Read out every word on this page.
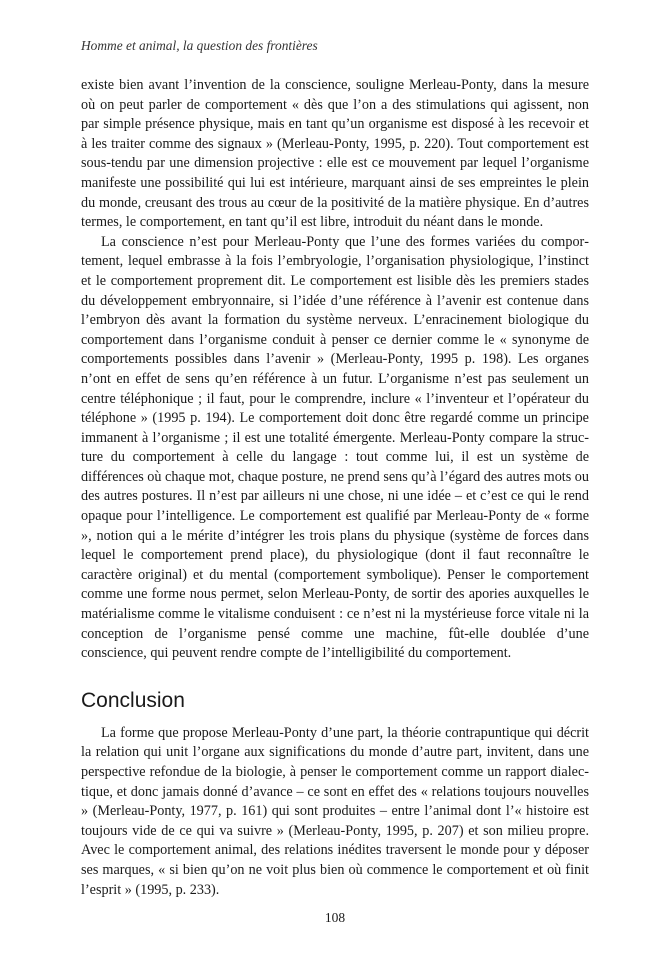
Homme et animal, la question des frontières

existe bien avant l’invention de la conscience, souligne Merleau-Ponty, dans la mesure où on peut parler de comportement « dès que l’on a des stimulations qui agissent, non par simple présence physique, mais en tant qu’un organisme est disposé à les recevoir et à les traiter comme des signaux » (Merleau-Ponty, 1995, p. 220). Tout comportement est sous-tendu par une dimension projective : elle est ce mouvement par lequel l’organisme manifeste une possibilité qui lui est intérieure, marquant ainsi de ses empreintes le plein du monde, creusant des trous au cœur de la positivité de la matière physique. En d’autres termes, le comportement, en tant qu’il est libre, introduit du néant dans le monde.

La conscience n’est pour Merleau-Ponty que l’une des formes variées du comportement, lequel embrasse à la fois l’embryologie, l’organisation physiologique, l’instinct et le comportement proprement dit. Le comportement est lisible dès les premiers stades du développement embryonnaire, si l’idée d’une référence à l’avenir est contenue dans l’embryon dès avant la formation du système nerveux. L’enracinement biologique du comportement dans l’organisme conduit à penser ce dernier comme le « synonyme de comportements possibles dans l’avenir » (Merleau-Ponty, 1995 p. 198). Les organes n’ont en effet de sens qu’en référence à un futur. L’organisme n’est pas seulement un centre téléphonique ; il faut, pour le comprendre, inclure « l’inventeur et l’opérateur du téléphone » (1995 p. 194). Le comportement doit donc être regardé comme un principe immanent à l’organisme ; il est une totalité émergente. Merleau-Ponty compare la structure du comportement à celle du langage : tout comme lui, il est un système de différences où chaque mot, chaque posture, ne prend sens qu’à l’égard des autres mots ou des autres postures. Il n’est par ailleurs ni une chose, ni une idée – et c’est ce qui le rend opaque pour l’intelligence. Le comportement est qualifié par Merleau-Ponty de « forme », notion qui a le mérite d’intégrer les trois plans du physique (système de forces dans lequel le comportement prend place), du physiologique (dont il faut reconnaître le caractère original) et du mental (comportement symbolique). Penser le comportement comme une forme nous permet, selon Merleau-Ponty, de sortir des apories auxquelles le matérialisme comme le vitalisme conduisent : ce n’est ni la mystérieuse force vitale ni la conception de l’organisme pensé comme une machine, fût-elle doublée d’une conscience, qui peuvent rendre compte de l’intelligibilité du comportement.

Conclusion

La forme que propose Merleau-Ponty d’une part, la théorie contrapuntique qui décrit la relation qui unit l’organe aux significations du monde d’autre part, invitent, dans une perspective refondue de la biologie, à penser le comportement comme un rapport dialectique, et donc jamais donné d’avance – ce sont en effet des « relations toujours nouvelles » (Merleau-Ponty, 1977, p. 161) qui sont produites – entre l’animal dont l’« histoire est toujours vide de ce qui va suivre » (Merleau-Ponty, 1995, p. 207) et son milieu propre. Avec le comportement animal, des relations inédites traversent le monde pour y déposer ses marques, « si bien qu’on ne voit plus bien où commence le comportement et où finit l’esprit » (1995, p. 233).

108
